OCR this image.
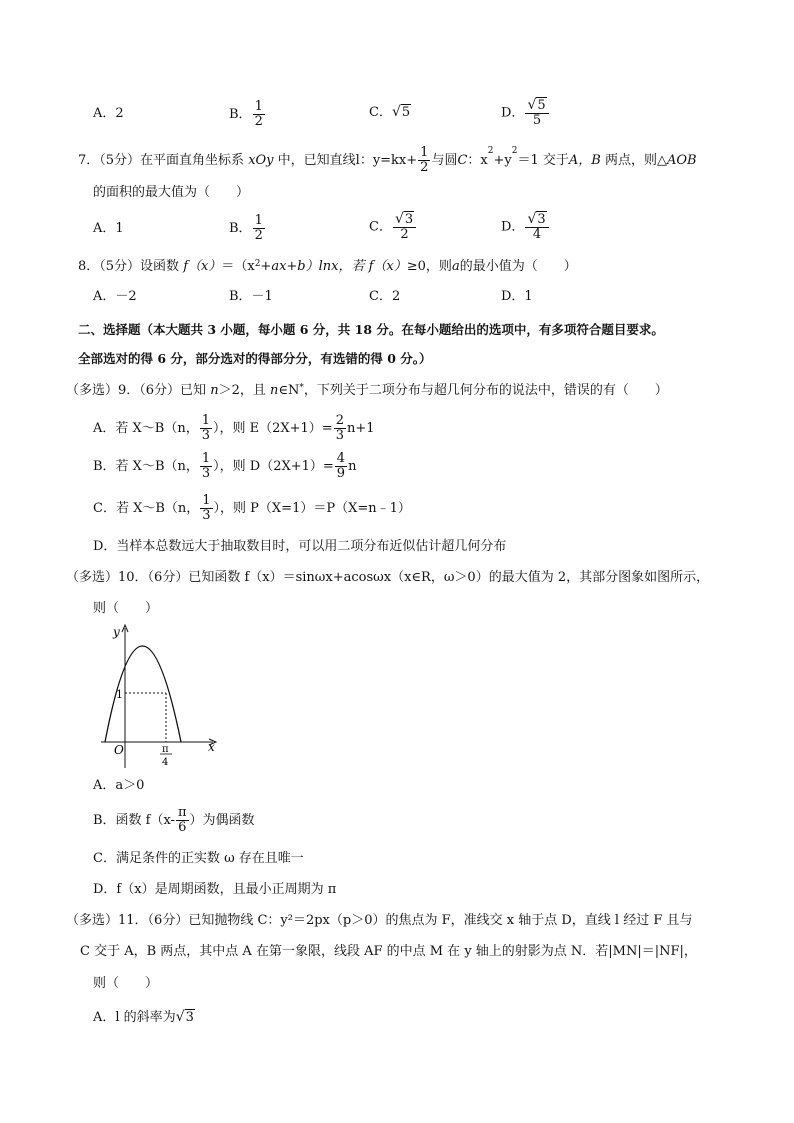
A．2	B． $\frac{1}{2}$	C．√5	D． $\frac{√5}{5}$
7．（5分）在平面直角坐标系 xOy 中，已知直线l：$y=kx+ \frac{1}{2}$ 与圆C：$x^2+y^2=1$ 交于A，B 两点，则△AOB
的面积的最大值为（　　）
A．1	B． $\frac{1}{2}$	C． $\frac{√3}{2}$	D． $\frac{√3}{4}$
8．（5分）设函数 $f(x)=(x^2+ax+b)\ln x$，若 f（x）≥0，则a的最小值为（　　）
A．－2	B．－1	C．2	D．1
二、选择题（本大题共 3 小题，每小题 6 分，共 18 分。在每小题给出的选项中，有多项符合题目要求。
全部选对的得 6 分，部分选对的得部分分，有选错的得 0 分。）
（多选）9．（6分）已知 n＞2，且 n∈N*，下列关于二项分布与超几何分布的说法中，错误的有（　　）
A．若 X～B（n， $\frac{1}{3}$ ），则 $E(2X+1)= \frac{2}{3} n+1$
B．若 X～B（n， $\frac{1}{3}$ ），则 $D(2X+1)= \frac{4}{9}$ n
C．若 X～B（n， $\frac{1}{3}$ ），则 P（X=1）＝P（X=n﹣1）
D．当样本总数远大于抽取数目时，可以用二项分布近似估计超几何分布
（多选）10．（6分）已知函数 f（x）＝sinωx+acosωx（x∈R，ω＞0）的最大值为 2，其部分图象如图所示，
则（　　）
y
x
O
1
π
4
A．a＞0
B．函数 $f(x- \frac{\pi}{6}$ ）为偶函数
C．满足条件的正实数 ω 存在且唯一
D．f（x）是周期函数，且最小正周期为 π
（多选）11．（6分）已知抛物线 C：y²＝2px（p＞0）的焦点为 F，准线交 x 轴于点 D，直线 l 经过 F 且与
C 交于 A，B 两点，其中点 A 在第一象限，线段 AF 的中点 M 在 y 轴上的射影为点 N．若|MN|＝|NF|，
则（　　）
A．l 的斜率为√3
